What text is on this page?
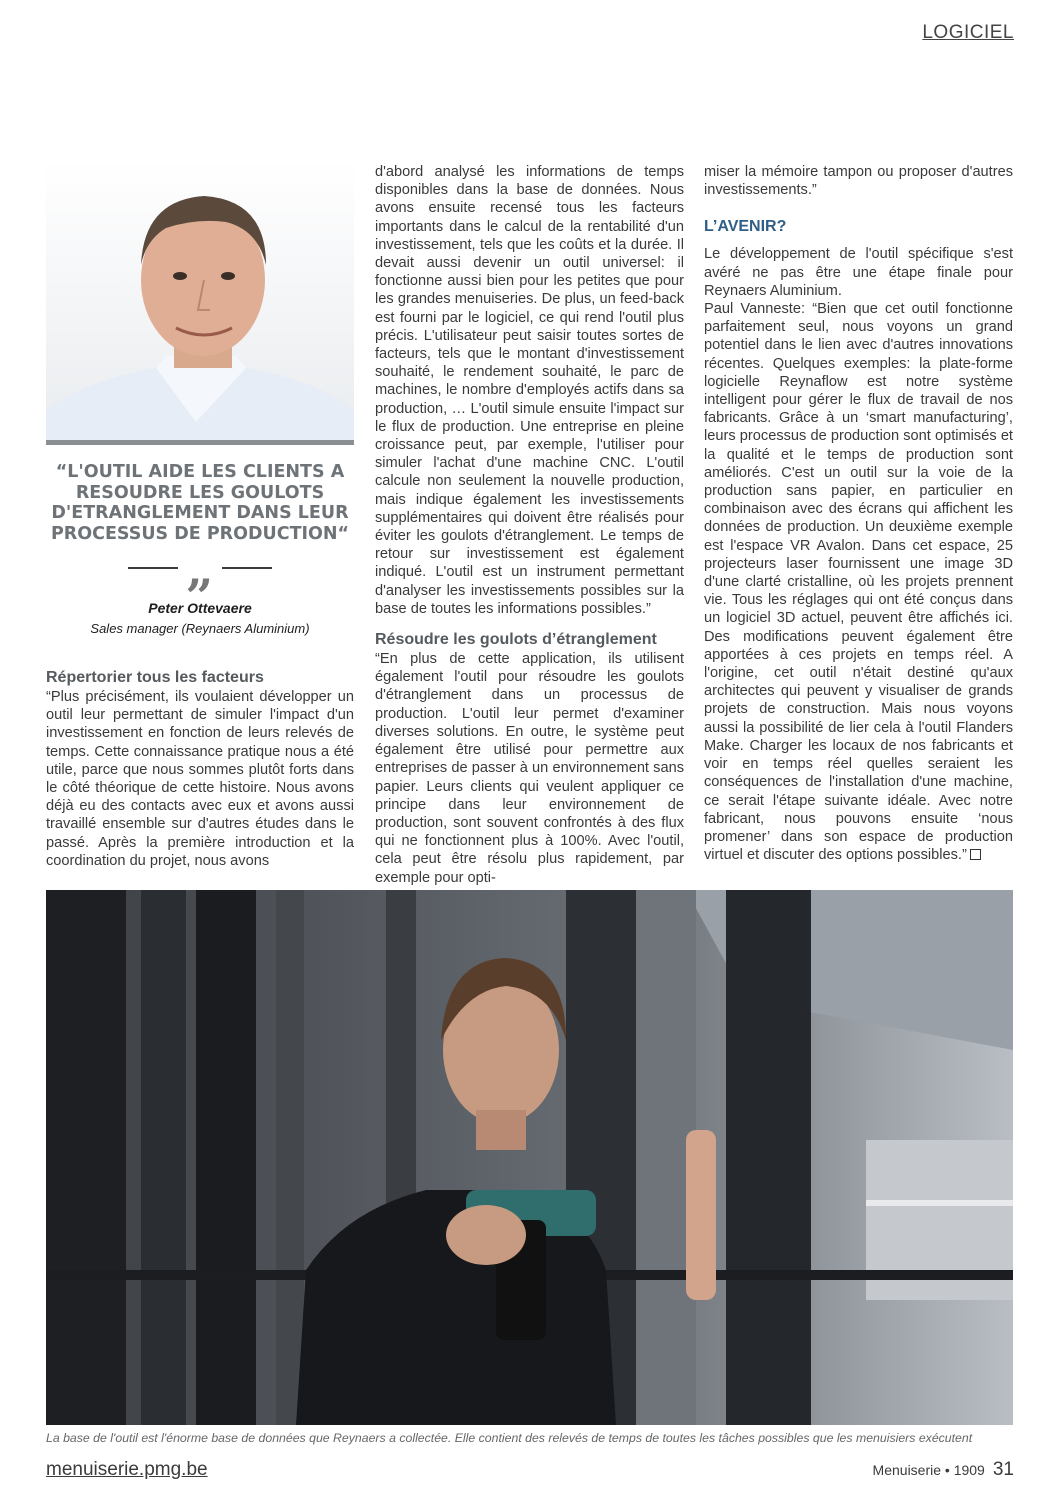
LOGICIEL
“L'OUTIL AIDE LES CLIENTS A RESOUDRE LES GOULOTS D'ETRANGLEMENT DANS LEUR PROCESSUS DE PRODUCTION“
„
Peter Ottevaere
Sales manager (Reynaers Aluminium)
Répertorier tous les facteurs

“Plus précisément, ils voulaient développer un outil leur permettant de simuler l'impact d'un investissement en fonction de leurs relevés de temps. Cette connaissance pratique nous a été utile, parce que nous sommes plutôt forts dans le côté théorique de cette histoire. Nous avons déjà eu des contacts avec eux et avons aussi travaillé ensemble sur d'autres études dans le passé. Après la première introduction et la coordination du projet, nous avons

d'abord analysé les informations de temps disponibles dans la base de données. Nous avons ensuite recensé tous les facteurs importants dans le calcul de la rentabilité d'un investissement, tels que les coûts et la durée. Il devait aussi devenir un outil universel: il fonctionne aussi bien pour les petites que pour les grandes menuiseries. De plus, un feed-back est fourni par le logiciel, ce qui rend l'outil plus précis. L'utilisateur peut saisir toutes sortes de facteurs, tels que le montant d'investissement souhaité, le rendement souhaité, le parc de machines, le nombre d'employés actifs dans sa production, … L'outil simule ensuite l'impact sur le flux de production. Une entreprise en pleine croissance peut, par exemple, l'utiliser pour simuler l'achat d'une machine CNC. L'outil calcule non seulement la nouvelle production, mais indique également les investissements supplémentaires qui doivent être réalisés pour éviter les goulots d'étranglement. Le temps de retour sur investissement est également indiqué. L'outil est un instrument permettant d'analyser les investissements possibles sur la base de toutes les informations possibles.”

Résoudre les goulots d’étranglement

“En plus de cette application, ils utilisent également l'outil pour résoudre les goulots d'étranglement dans un processus de production. L'outil leur permet d'examiner diverses solutions. En outre, le système peut également être utilisé pour permettre aux entreprises de passer à un environnement sans papier. Leurs clients qui veulent appliquer ce principe dans leur environnement de production, sont souvent confrontés à des flux qui ne fonctionnent plus à 100%. Avec l'outil, cela peut être résolu plus rapidement, par exemple pour opti-

miser la mémoire tampon ou proposer d'autres investissements.”

L’AVENIR?

Le développement de l'outil spécifique s'est avéré ne pas être une étape finale pour Reynaers Aluminium.

Paul Vanneste: “Bien que cet outil fonctionne parfaitement seul, nous voyons un grand potentiel dans le lien avec d'autres innovations récentes. Quelques exemples: la plate-forme logicielle Reynaflow est notre système intelligent pour gérer le flux de travail de nos fabricants. Grâce à un ‘smart manufacturing’, leurs processus de production sont optimisés et la qualité et le temps de production sont améliorés. C'est un outil sur la voie de la production sans papier, en particulier en combinaison avec des écrans qui affichent les données de production. Un deuxième exemple est l'espace VR Avalon. Dans cet espace, 25 projecteurs laser fournissent une image 3D d'une clarté cristalline, où les projets prennent vie. Tous les réglages qui ont été conçus dans un logiciel 3D actuel, peuvent être affichés ici. Des modifications peuvent également être apportées à ces projets en temps réel. A l'origine, cet outil n'était destiné qu'aux architectes qui peuvent y visualiser de grands projets de construction. Mais nous voyons aussi la possibilité de lier cela à l'outil Flanders Make. Charger les locaux de nos fabricants et voir en temps réel quelles seraient les conséquences de l'installation d'une machine, ce serait l'étape suivante idéale. Avec notre fabricant, nous pouvons ensuite ‘nous promener’ dans son espace de production virtuel et discuter des options possibles.”

La base de l'outil est l'énorme base de données que Reynaers a collectée. Elle contient des relevés de temps de toutes les tâches possibles que les menuisiers exécutent
menuiserie.pmg.be	Menuiserie • 1909 31
